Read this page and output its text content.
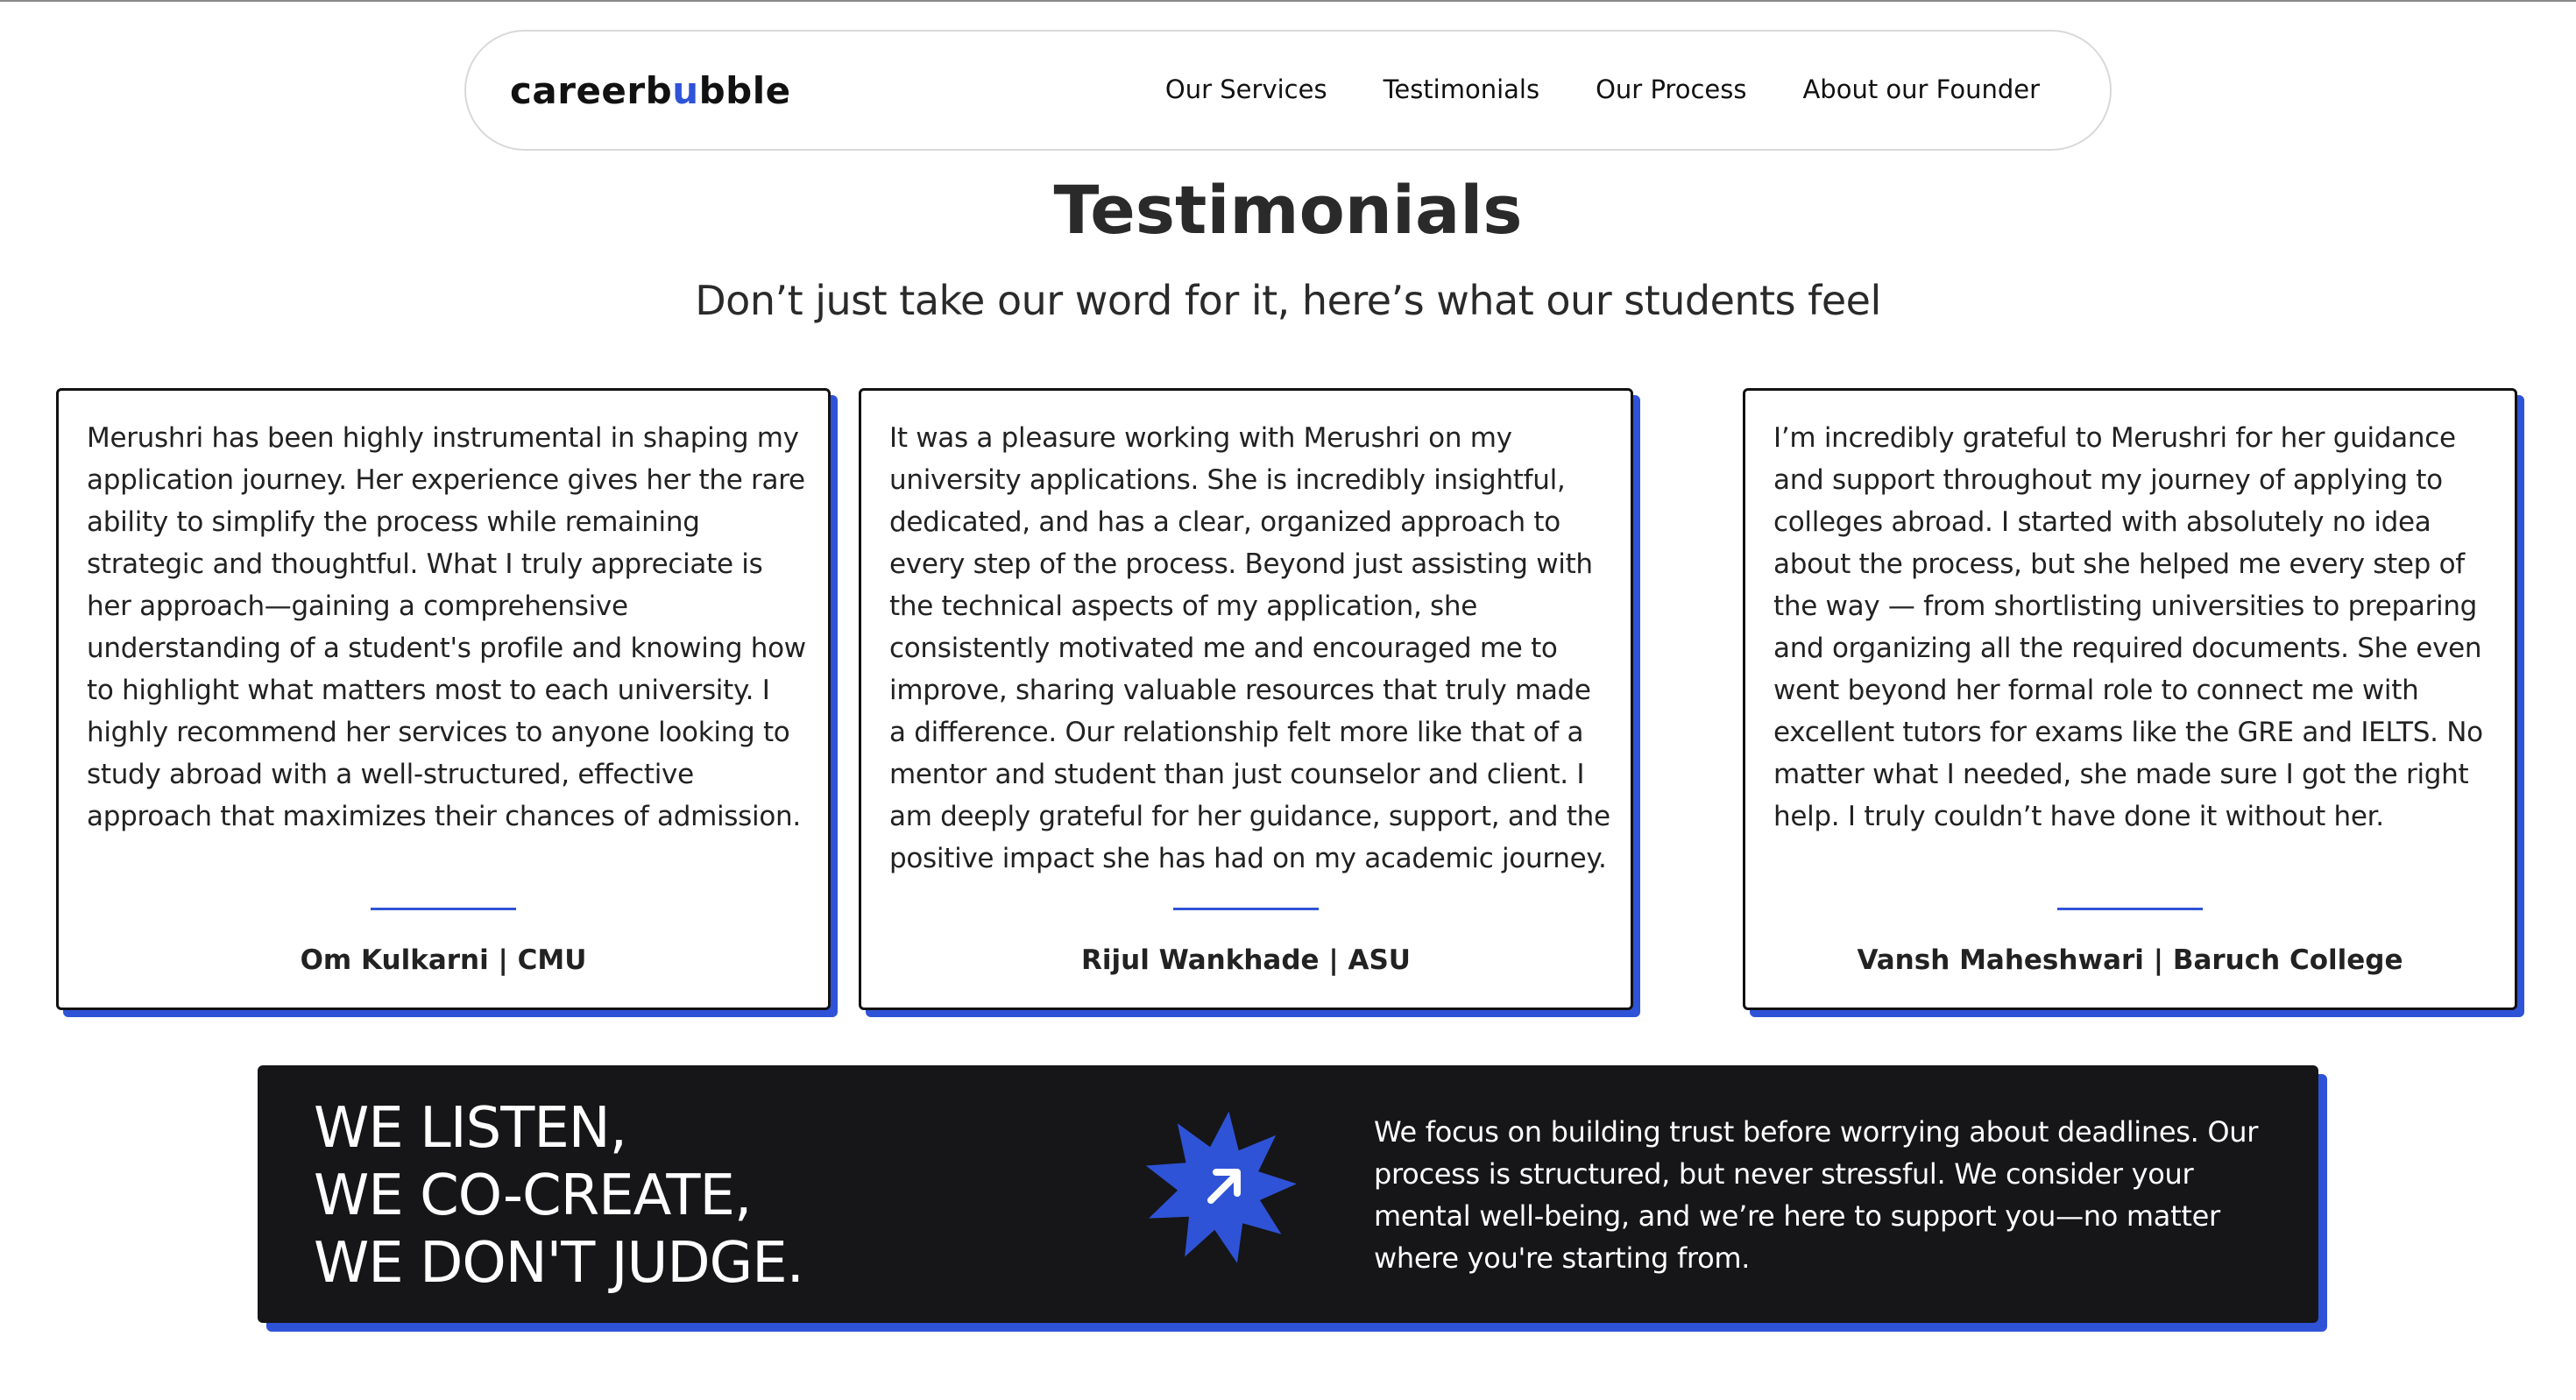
careerbubble	Our Services Testimonials Our Process About our Founder
Testimonials

Don’t just take our word for it, here’s what our students feel

Merushri has been highly instrumental in shaping my application journey. Her experience gives her the rare ability to simplify the process while remaining strategic and thoughtful. What I truly appreciate is her approach—gaining a comprehensive understanding of a student's profile and knowing how to highlight what matters most to each university. I highly recommend her services to anyone looking to study abroad with a well-structured, effective approach that maximizes their chances of admission.

Om Kulkarni | CMU

It was a pleasure working with Merushri on my university applications. She is incredibly insightful, dedicated, and has a clear, organized approach to every step of the process. Beyond just assisting with the technical aspects of my application, she consistently motivated me and encouraged me to improve, sharing valuable resources that truly made a difference. Our relationship felt more like that of a mentor and student than just counselor and client. I am deeply grateful for her guidance, support, and the positive impact she has had on my academic journey.

Rijul Wankhade | ASU

I’m incredibly grateful to Merushri for her guidance and support throughout my journey of applying to colleges abroad. I started with absolutely no idea about the process, but she helped me every step of the way — from shortlisting universities to preparing and organizing all the required documents. She even went beyond her formal role to connect me with excellent tutors for exams like the GRE and IELTS. No matter what I needed, she made sure I got the right help. I truly couldn’t have done it without her.

Vansh Maheshwari | Baruch College

WE LISTEN,
WE CO-CREATE,
WE DON'T JUDGE.

We focus on building trust before worrying about deadlines. Our process is structured, but never stressful. We consider your mental well-being, and we’re here to support you—no matter where you're starting from.
